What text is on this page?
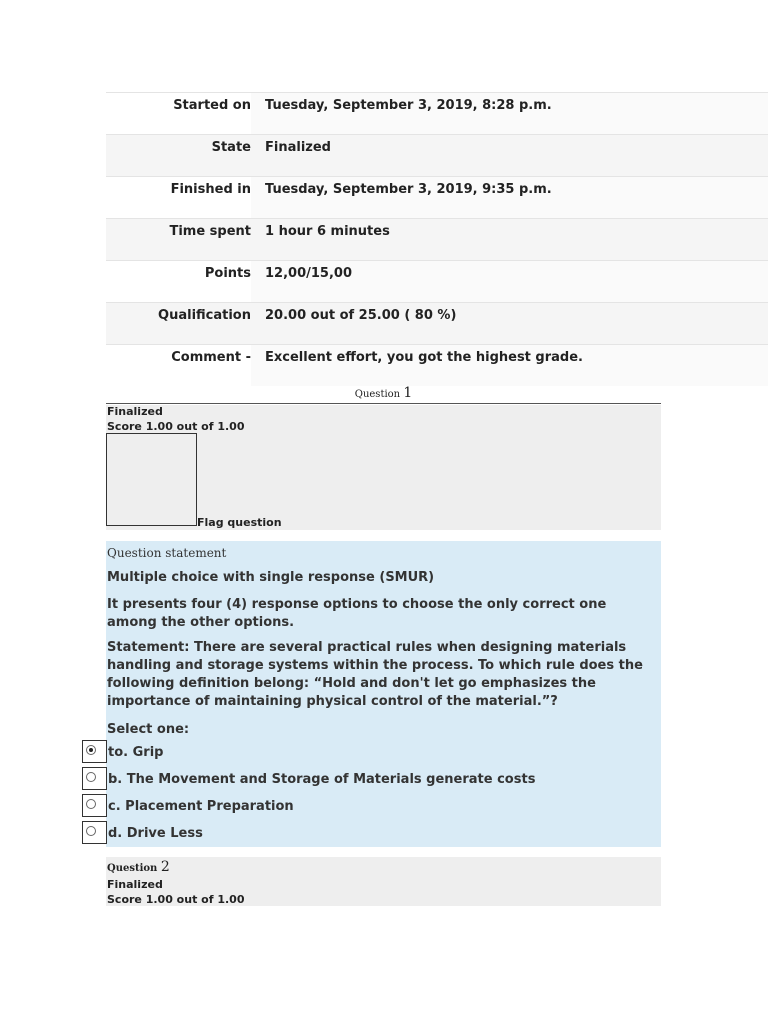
Started on	Tuesday, September 3, 2019, 8:28 p.m.
State	Finalized
Finished in	Tuesday, September 3, 2019, 9:35 p.m.
Time spent	1 hour 6 minutes
Points	12,00/15,00
Qualification	20.00 out of 25.00 ( 80 %)
Comment -	Excellent effort, you got the highest grade.
Question 1
Finalized
Score 1.00 out of 1.00
Flag question
Question statement

Multiple choice with single response (SMUR)

It presents four (4) response options to choose the only correct one among the other options.

Statement: There are several practical rules when designing materials handling and storage systems within the process. To which rule does the following definition belong: “Hold and don't let go emphasizes the importance of maintaining physical control of the material.”?

Select one:

to. Grip
b. The Movement and Storage of Materials generate costs
c. Placement Preparation
d. Drive Less
Question 2
Finalized
Score 1.00 out of 1.00
